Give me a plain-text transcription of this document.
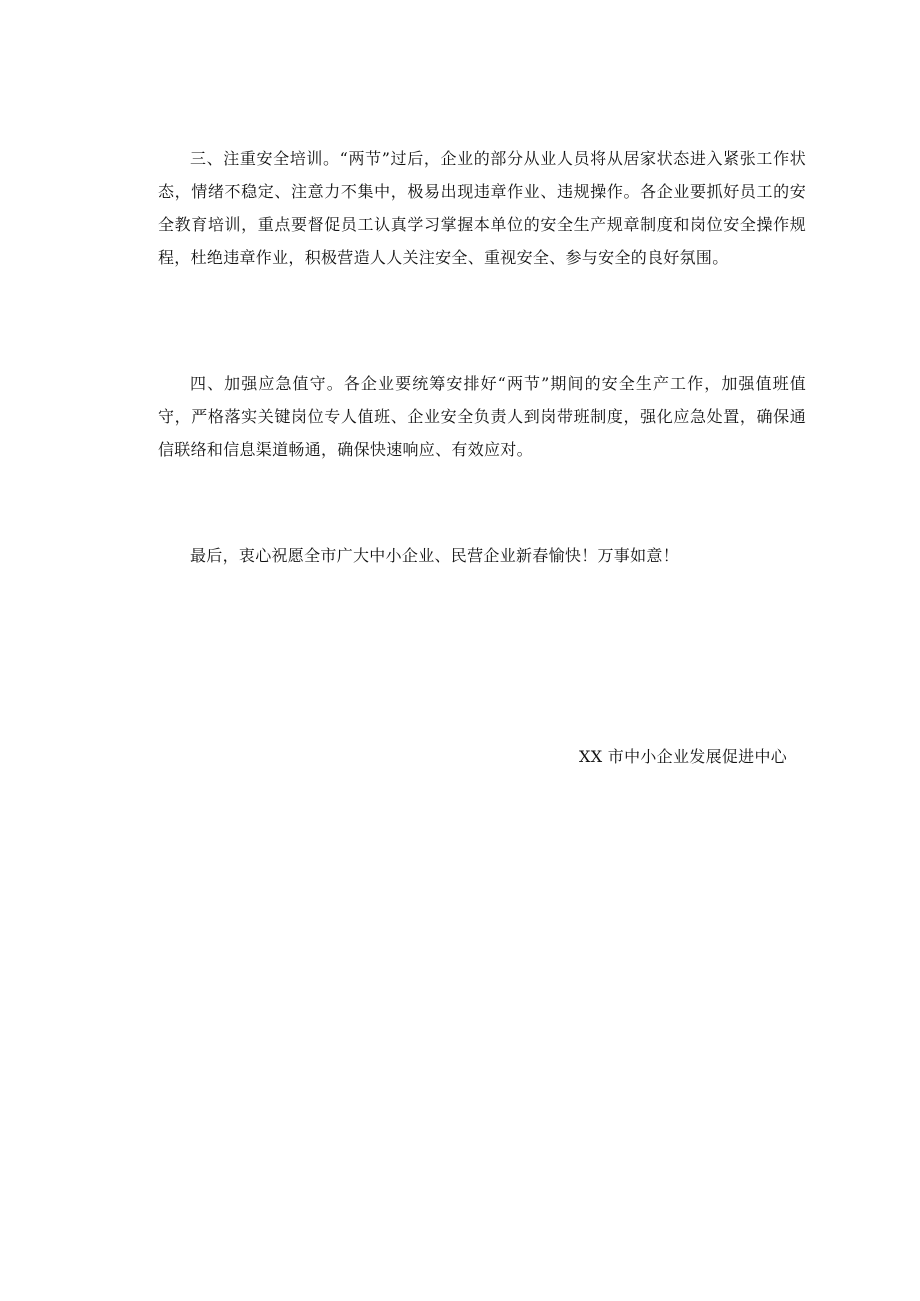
三、注重安全培训。“两节”过后，企业的部分从业人员将从居家状态进入紧张工作状态，情绪不稳定、注意力不集中，极易出现违章作业、违规操作。各企业要抓好员工的安全教育培训，重点要督促员工认真学习掌握本单位的安全生产规章制度和岗位安全操作规程，杜绝违章作业，积极营造人人关注安全、重视安全、参与安全的良好氛围。

四、加强应急值守。各企业要统筹安排好“两节”期间的安全生产工作，加强值班值守，严格落实关键岗位专人值班、企业安全负责人到岗带班制度，强化应急处置，确保通信联络和信息渠道畅通，确保快速响应、有效应对。

最后，衷心祝愿全市广大中小企业、民营企业新春愉快！万事如意！

XX 市中小企业发展促进中心
